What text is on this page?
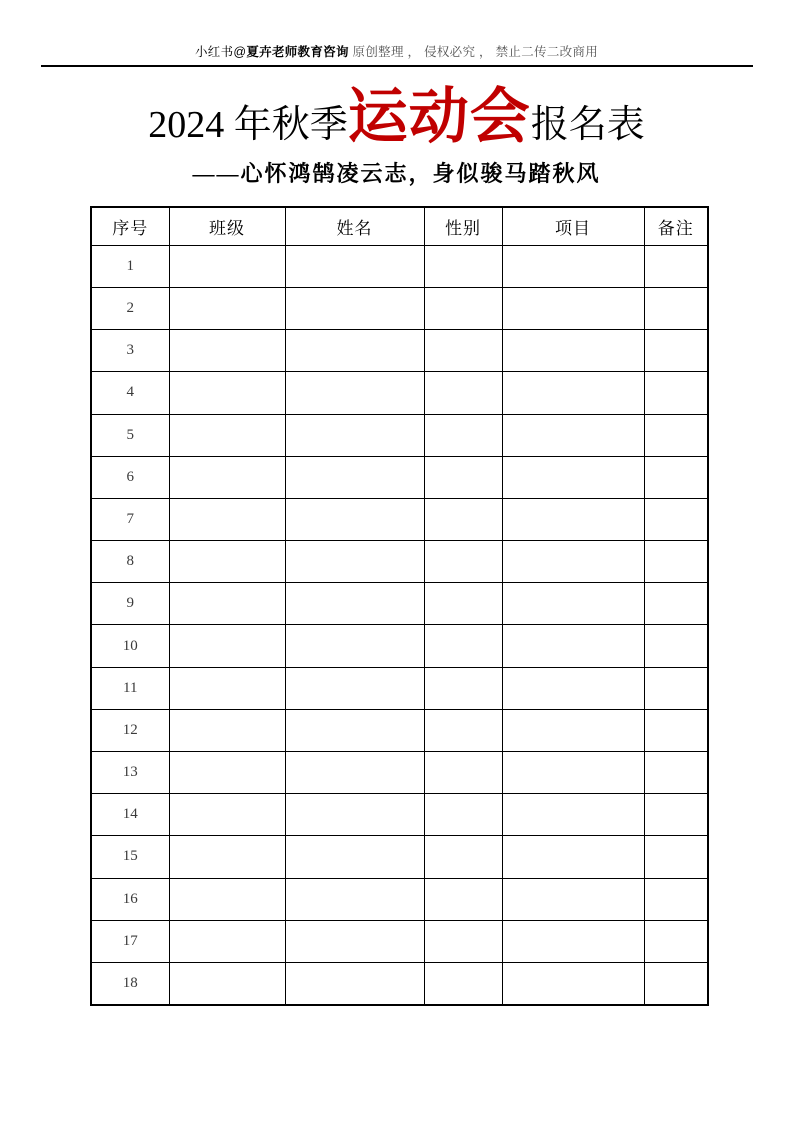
小红书@夏卉老师教育咨询 原创整理 ， 侵权必究 ， 禁止二传二改商用
2024 年秋季运动会报名表
——心怀鸿鹄凌云志，身似骏马踏秋风
序号	班级	姓名	性别	项目	备注
1					
2					
3					
4					
5					
6					
7					
8					
9					
10					
11					
12					
13					
14					
15					
16					
17					
18					
